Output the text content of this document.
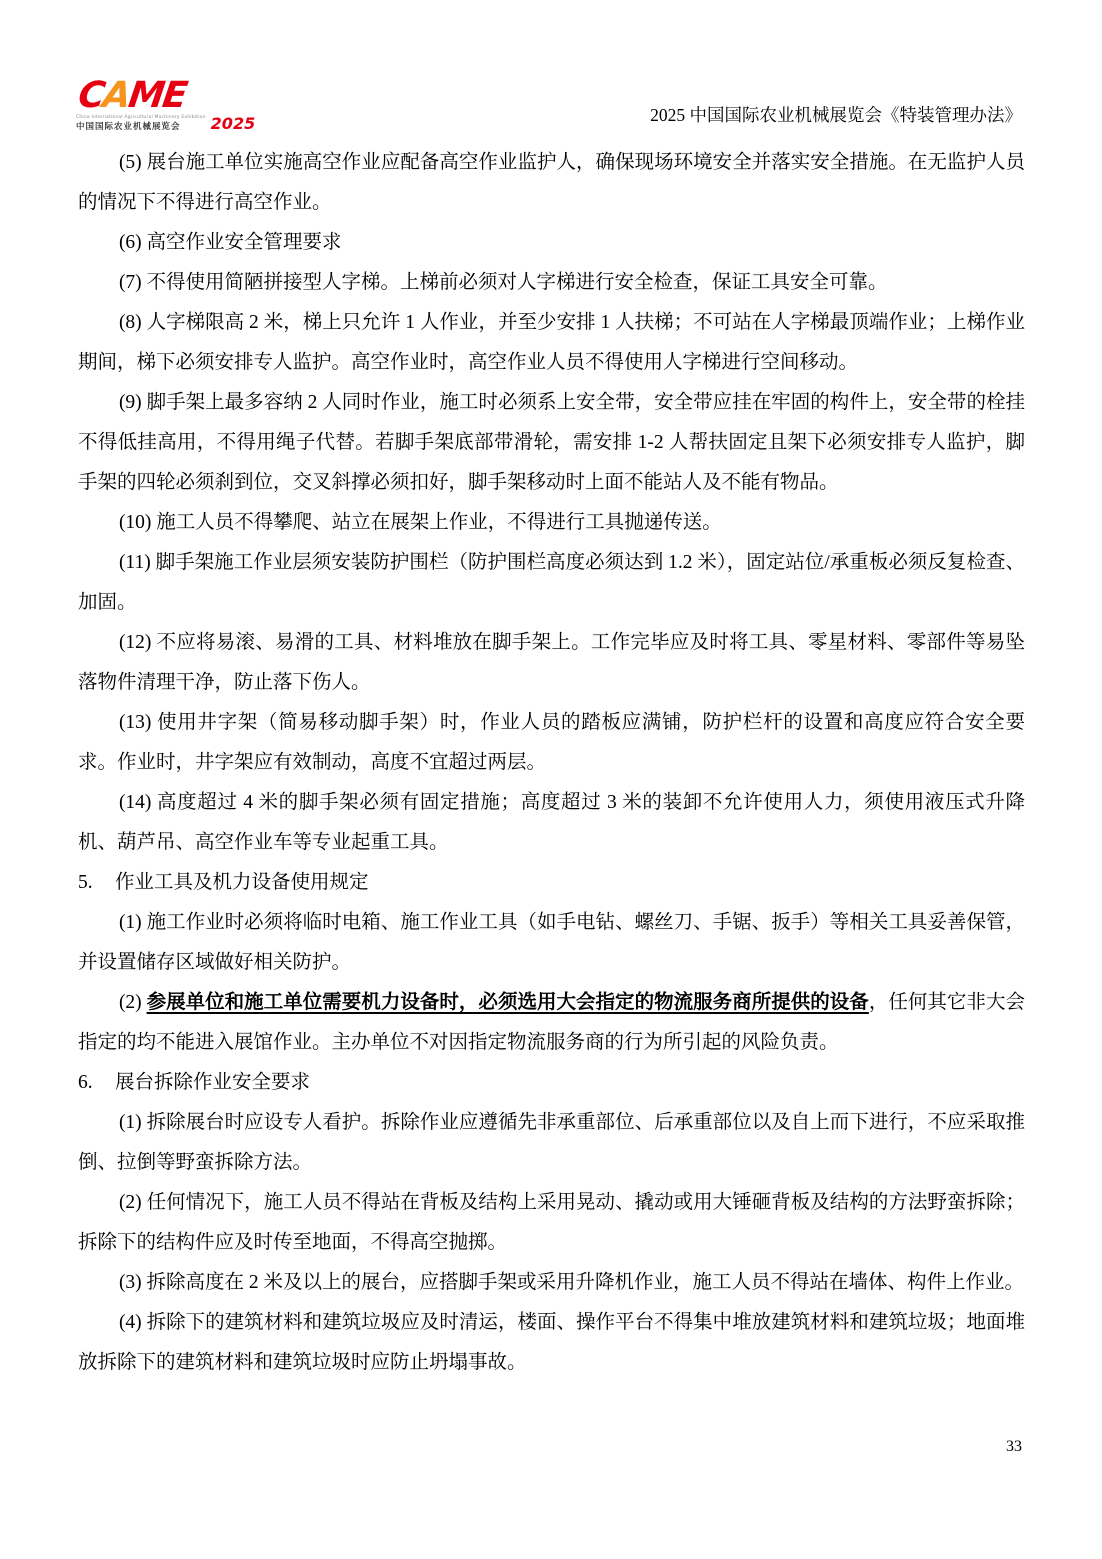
CAME
China International Agricultural Machinery Exhibition
中国国际农业机械展览会	2025	2025 中国国际农业机械展览会《特装管理办法》

(5) 展台施工单位实施高空作业应配备高空作业监护人，确保现场环境安全并落实安全措施。在无监护人员的情况下不得进行高空作业。

(6) 高空作业安全管理要求

(7) 不得使用简陋拼接型人字梯。上梯前必须对人字梯进行安全检查，保证工具安全可靠。

(8) 人字梯限高 2 米，梯上只允许 1 人作业，并至少安排 1 人扶梯；不可站在人字梯最顶端作业；上梯作业期间，梯下必须安排专人监护。高空作业时，高空作业人员不得使用人字梯进行空间移动。

(9) 脚手架上最多容纳 2 人同时作业，施工时必须系上安全带，安全带应挂在牢固的构件上，安全带的栓挂不得低挂高用，不得用绳子代替。若脚手架底部带滑轮，需安排 1-2 人帮扶固定且架下必须安排专人监护，脚手架的四轮必须刹到位，交叉斜撑必须扣好，脚手架移动时上面不能站人及不能有物品。

(10) 施工人员不得攀爬、站立在展架上作业，不得进行工具抛递传送。

(11) 脚手架施工作业层须安装防护围栏（防护围栏高度必须达到 1.2 米），固定站位/承重板必须反复检查、加固。

(12) 不应将易滚、易滑的工具、材料堆放在脚手架上。工作完毕应及时将工具、零星材料、零部件等易坠落物件清理干净，防止落下伤人。

(13) 使用井字架（简易移动脚手架）时，作业人员的踏板应满铺，防护栏杆的设置和高度应符合安全要求。作业时，井字架应有效制动，高度不宜超过两层。

(14) 高度超过 4 米的脚手架必须有固定措施；高度超过 3 米的装卸不允许使用人力，须使用液压式升降机、葫芦吊、高空作业车等专业起重工具。

5. 作业工具及机力设备使用规定

(1) 施工作业时必须将临时电箱、施工作业工具（如手电钻、螺丝刀、手锯、扳手）等相关工具妥善保管，并设置储存区域做好相关防护。

(2) 参展单位和施工单位需要机力设备时，必须选用大会指定的物流服务商所提供的设备，任何其它非大会指定的均不能进入展馆作业。主办单位不对因指定物流服务商的行为所引起的风险负责。

6. 展台拆除作业安全要求

(1) 拆除展台时应设专人看护。拆除作业应遵循先非承重部位、后承重部位以及自上而下进行，不应采取推倒、拉倒等野蛮拆除方法。

(2) 任何情况下，施工人员不得站在背板及结构上采用晃动、撬动或用大锤砸背板及结构的方法野蛮拆除；拆除下的结构件应及时传至地面，不得高空抛掷。

(3) 拆除高度在 2 米及以上的展台，应搭脚手架或采用升降机作业，施工人员不得站在墙体、构件上作业。

(4) 拆除下的建筑材料和建筑垃圾应及时清运，楼面、操作平台不得集中堆放建筑材料和建筑垃圾；地面堆放拆除下的建筑材料和建筑垃圾时应防止坍塌事故。

33
